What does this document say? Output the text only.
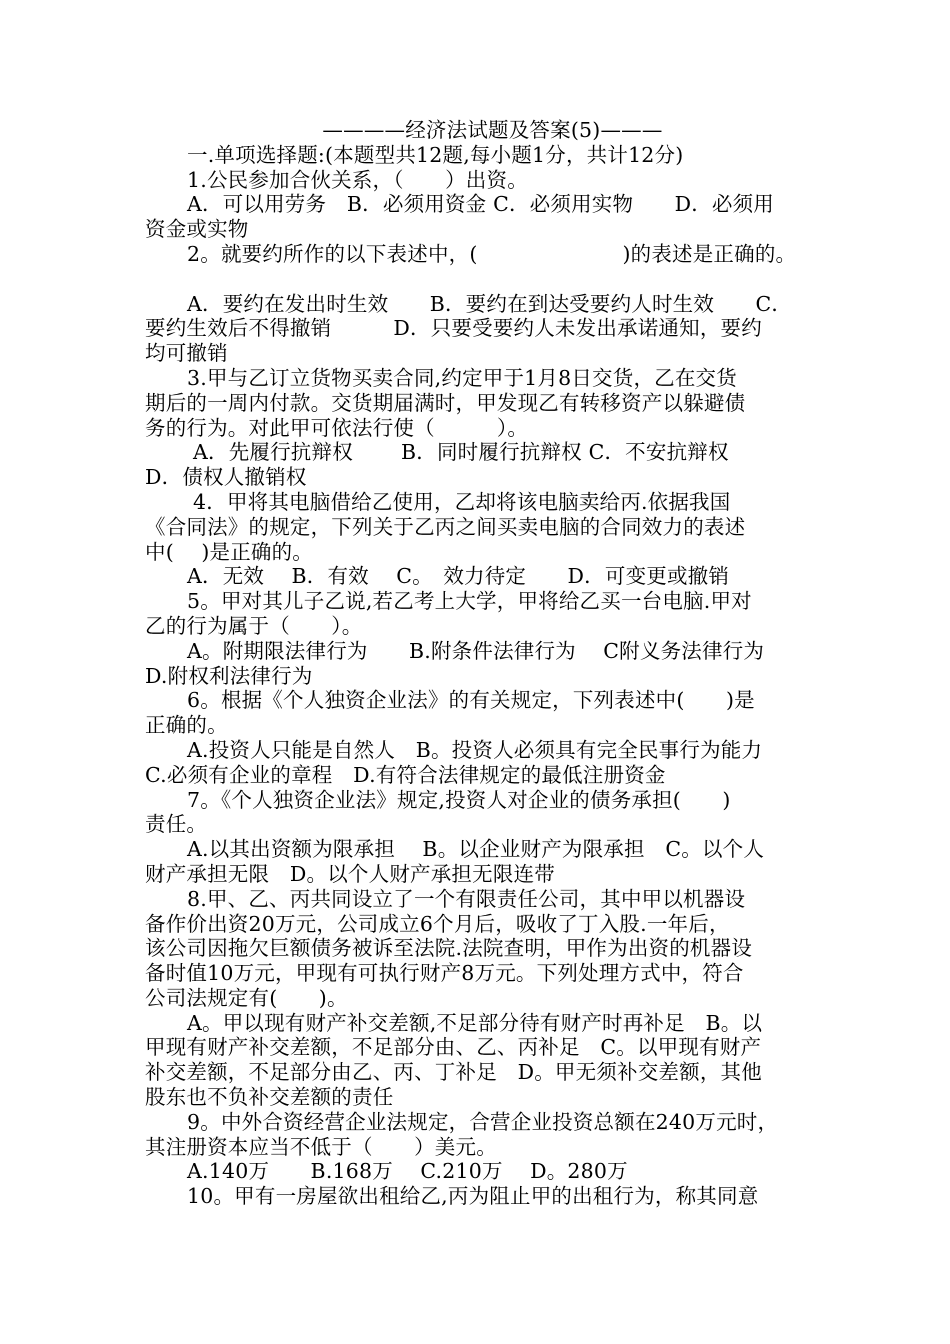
————经济法试题及答案(5)———
一.单项选择题:(本题型共12题,每小题1分，共计12分)
1.公民参加合伙关系，（　　）出资。
A．可以用劳务　B．必须用资金 C．必须用实物　　D．必须用
资金或实物
2。就要约所作的以下表述中，(　　　　　　　)的表述是正确的。
A．要约在发出时生效　　B．要约在到达受要约人时生效　　C．
要约生效后不得撤销　　　D．只要受要约人未发出承诺通知，要约
均可撤销
3.甲与乙订立货物买卖合同,约定甲于1月8日交货，乙在交货
期后的一周内付款。交货期届满时，甲发现乙有转移资产以躲避债
务的行为。对此甲可依法行使（　　　）。
A．先履行抗辩权　　 B．同时履行抗辩权 C．不安抗辩权
D．债权人撤销权
4．甲将其电脑借给乙使用，乙却将该电脑卖给丙.依据我国
《合同法》的规定，下列关于乙丙之间买卖电脑的合同效力的表述
中(　 )是正确的。
A．无效　 B．有效　 C。　效力待定　　D．可变更或撤销
5。甲对其儿子乙说,若乙考上大学，甲将给乙买一台电脑.甲对
乙的行为属于（　　）。
A。附期限法律行为　　B.附条件法律行为　 C附义务法律行为
D.附权利法律行为
6。根据《个人独资企业法》的有关规定，下列表述中(　　)是
正确的。
A.投资人只能是自然人　B。投资人必须具有完全民事行为能力
C.必须有企业的章程　D.有符合法律规定的最低注册资金
7。《个人独资企业法》规定,投资人对企业的债务承担(　　)
责任。
A.以其出资额为限承担　 B。以企业财产为限承担　C。以个人
财产承担无限　D。以个人财产承担无限连带
8.甲、乙、丙共同设立了一个有限责任公司，其中甲以机器设
备作价出资20万元，公司成立6个月后，吸收了丁入股.一年后，
该公司因拖欠巨额债务被诉至法院.法院查明，甲作为出资的机器设
备时值10万元，甲现有可执行财产8万元。下列处理方式中，符合
公司法规定有(　　)。
A。甲以现有财产补交差额,不足部分待有财产时再补足　B。以
甲现有财产补交差额，不足部分由、乙、丙补足　C。以甲现有财产
补交差额，不足部分由乙、丙、丁补足　D。甲无须补交差额，其他
股东也不负补交差额的责任
9。中外合资经营企业法规定，合营企业投资总额在240万元时，
其注册资本应当不低于（　　）美元。
A.140万　　B.168万　 C.210万　 D。280万
10。甲有一房屋欲出租给乙,丙为阻止甲的出租行为，称其同意
